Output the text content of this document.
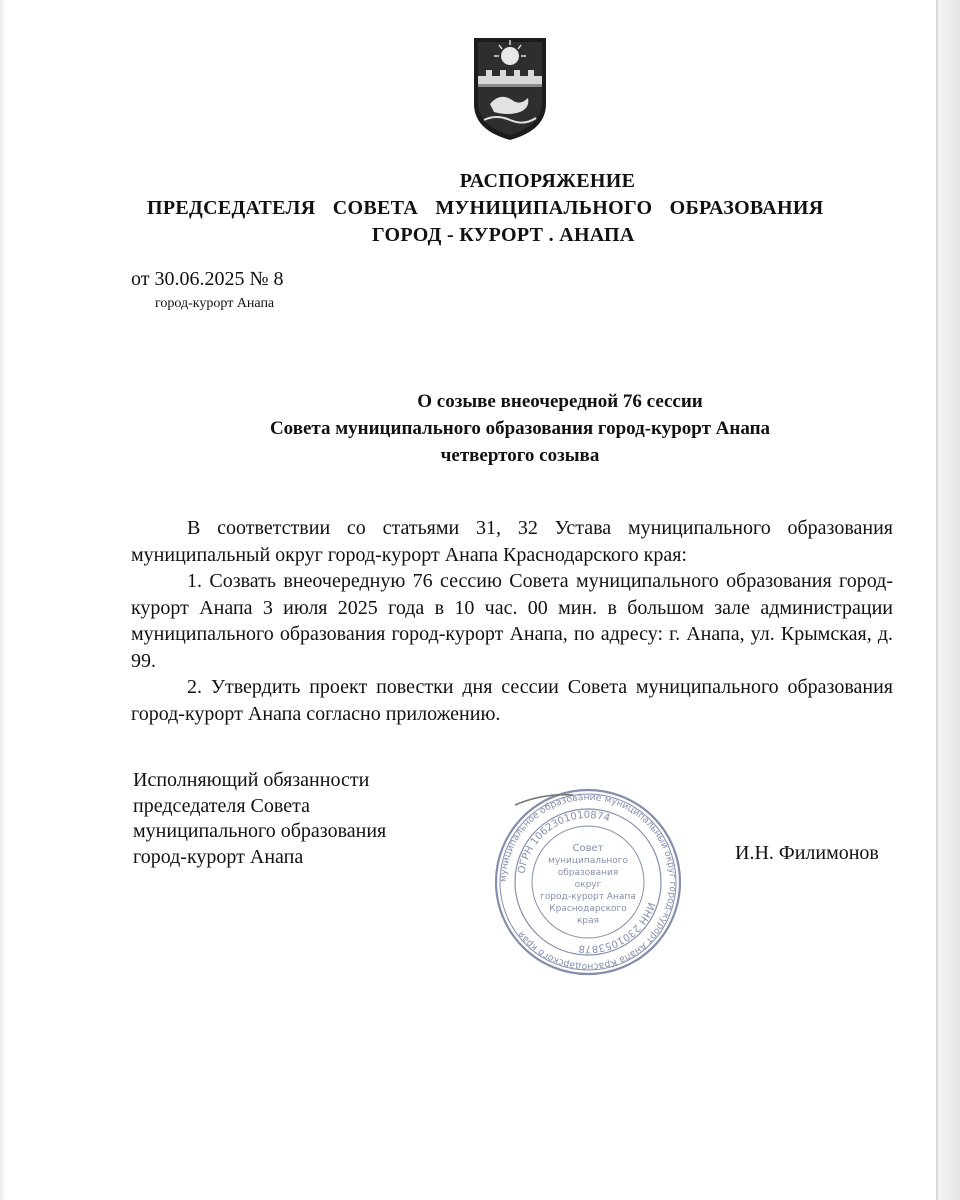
РАСПОРЯЖЕНИЕ
ПРЕДСЕДАТЕЛЯ СОВЕТА МУНИЦИПАЛЬНОГО ОБРАЗОВАНИЯ
ГОРОД - КУРОРТ . АНАПА
от 30.06.2025 № 8
город-курорт Анапа
О созыве внеочередной 76 сессии
Совета муниципального образования город-курорт Анапа
четвертого созыва

В соответствии со статьями 31, 32 Устава муниципального образования муниципальный округ город-курорт Анапа Краснодарского края:

1. Созвать внеочередную 76 сессию Совета муниципального образования город-курорт Анапа 3 июля 2025 года в 10 час. 00 мин. в большом зале администрации муниципального образования город-курорт Анапа, по адресу: г. Анапа, ул. Крымская, д. 99.

2. Утвердить проект повестки дня сессии Совета муниципального образования город-курорт Анапа согласно приложению.

Исполняющий обязанности
председателя Совета
муниципального образования
город-курорт Анапа	И.Н. Филимонов
муниципальное образование муниципальный округ город-курорт Анапа Краснодарского края
ОГРН 1062301010874
ИНН 2301053878
Совет
муниципального
образования
округ
город-курорт Анапа
Краснодарского
края
